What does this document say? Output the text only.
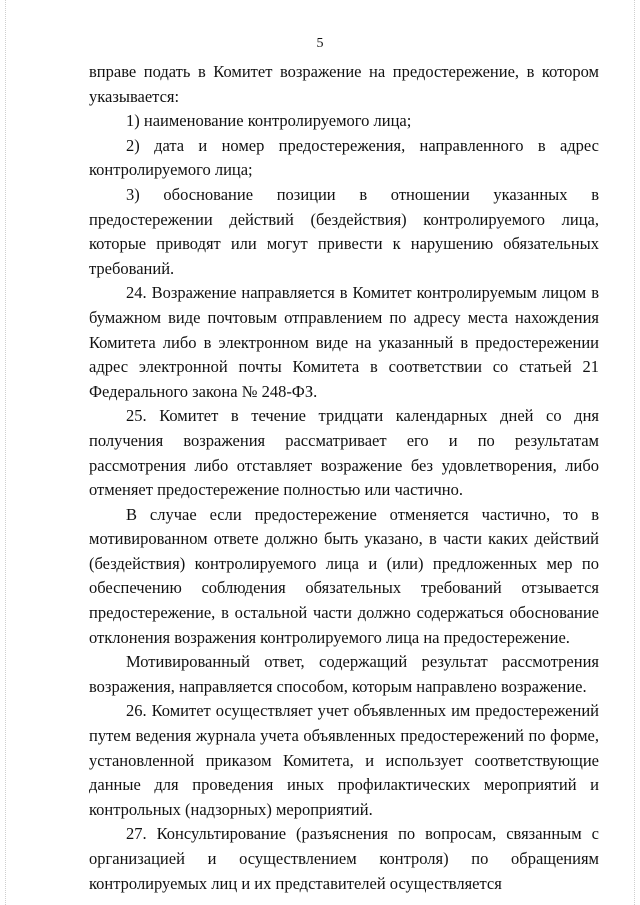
5

вправе подать в Комитет возражение на предостережение, в котором указывается:

1) наименование контролируемого лица;

2) дата и номер предостережения, направленного в адрес контролируемого лица;

3) обоснование позиции в отношении указанных в предостережении действий (бездействия) контролируемого лица, которые приводят или могут привести к нарушению обязательных требований.

24. Возражение направляется в Комитет контролируемым лицом в бумажном виде почтовым отправлением по адресу места нахождения Комитета либо в электронном виде на указанный в предостережении адрес электронной почты Комитета в соответствии со статьей 21 Федерального закона № 248-ФЗ.

25. Комитет в течение тридцати календарных дней со дня получения возражения рассматривает его и по результатам рассмотрения либо отставляет возражение без удовлетворения, либо отменяет предостережение полностью или частично.

В случае если предостережение отменяется частично, то в мотивированном ответе должно быть указано, в части каких действий (бездействия) контролируемого лица и (или) предложенных мер по обеспечению соблюдения обязательных требований отзывается предостережение, в остальной части должно содержаться обоснование отклонения возражения контролируемого лица на предостережение.

Мотивированный ответ, содержащий результат рассмотрения возражения, направляется способом, которым направлено возражение.

26. Комитет осуществляет учет объявленных им предостережений путем ведения журнала учета объявленных предостережений по форме, установленной приказом Комитета, и использует соответствующие данные для проведения иных профилактических мероприятий и контрольных (надзорных) мероприятий.

27. Консультирование (разъяснения по вопросам, связанным с организацией и осуществлением контроля) по обращениям контролируемых лиц и их представителей осуществляется
